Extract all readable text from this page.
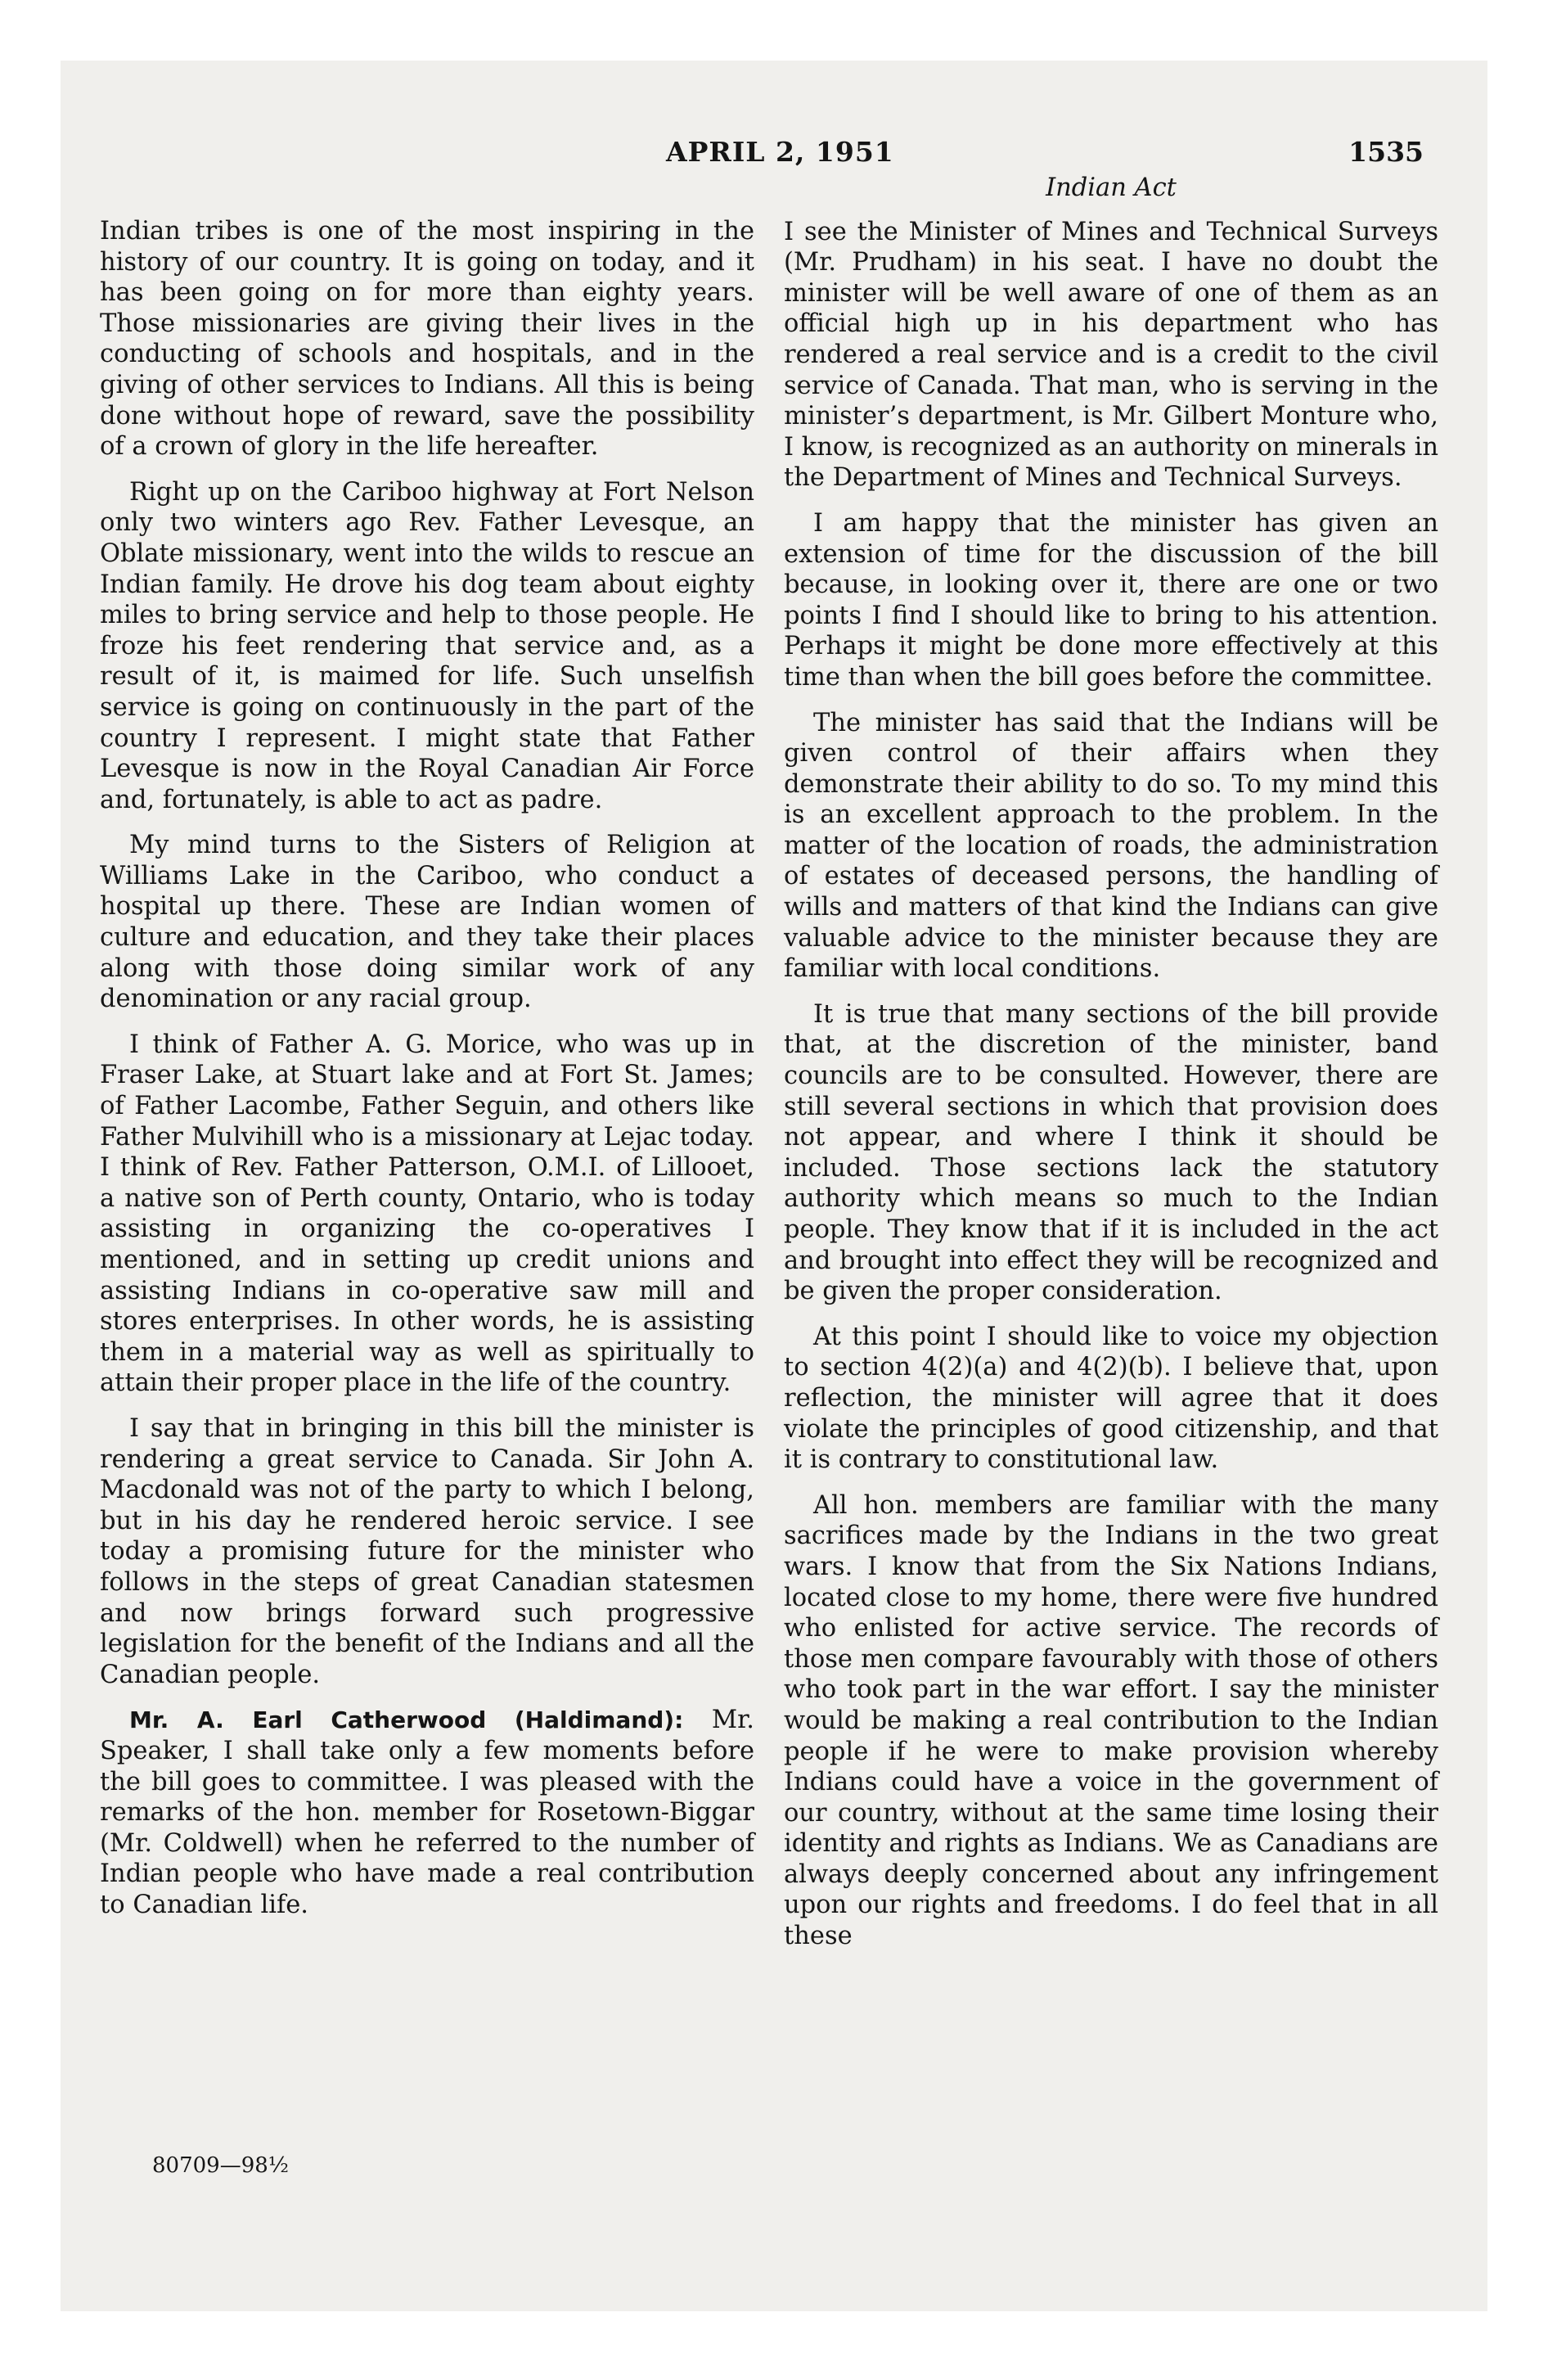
APRIL 2, 1951	1535

Indian tribes is one of the most inspiring in the history of our country. It is going on today, and it has been going on for more than eighty years. Those missionaries are giving their lives in the conducting of schools and hospitals, and in the giving of other services to Indians. All this is being done without hope of reward, save the possibility of a crown of glory in the life hereafter.

Right up on the Cariboo highway at Fort Nelson only two winters ago Rev. Father Levesque, an Oblate missionary, went into the wilds to rescue an Indian family. He drove his dog team about eighty miles to bring service and help to those people. He froze his feet rendering that service and, as a result of it, is maimed for life. Such unselfish service is going on continuously in the part of the country I represent. I might state that Father Levesque is now in the Royal Canadian Air Force and, fortunately, is able to act as padre.

My mind turns to the Sisters of Religion at Williams Lake in the Cariboo, who conduct a hospital up there. These are Indian women of culture and education, and they take their places along with those doing similar work of any denomination or any racial group.

I think of Father A. G. Morice, who was up in Fraser Lake, at Stuart lake and at Fort St. James; of Father Lacombe, Father Seguin, and others like Father Mulvihill who is a missionary at Lejac today. I think of Rev. Father Patterson, O.M.I. of Lillooet, a native son of Perth county, Ontario, who is today assisting in organizing the co-operatives I mentioned, and in setting up credit unions and assisting Indians in co-operative saw mill and stores enterprises. In other words, he is assisting them in a material way as well as spiritually to attain their proper place in the life of the country.

I say that in bringing in this bill the minister is rendering a great service to Canada. Sir John A. Macdonald was not of the party to which I belong, but in his day he rendered heroic service. I see today a promising future for the minister who follows in the steps of great Canadian statesmen and now brings forward such progressive legislation for the benefit of the Indians and all the Canadian people.

Mr. A. Earl Catherwood (Haldimand): Mr. Speaker, I shall take only a few moments before the bill goes to committee. I was pleased with the remarks of the hon. member for Rosetown-Biggar (Mr. Coldwell) when he referred to the number of Indian people who have made a real contribution to Canadian life.

Indian Act

I see the Minister of Mines and Technical Surveys (Mr. Prudham) in his seat. I have no doubt the minister will be well aware of one of them as an official high up in his department who has rendered a real service and is a credit to the civil service of Canada. That man, who is serving in the minister’s department, is Mr. Gilbert Monture who, I know, is recognized as an authority on minerals in the Department of Mines and Technical Surveys.

I am happy that the minister has given an extension of time for the discussion of the bill because, in looking over it, there are one or two points I find I should like to bring to his attention. Perhaps it might be done more effectively at this time than when the bill goes before the committee.

The minister has said that the Indians will be given control of their affairs when they demonstrate their ability to do so. To my mind this is an excellent approach to the problem. In the matter of the location of roads, the administration of estates of deceased persons, the handling of wills and matters of that kind the Indians can give valuable advice to the minister because they are familiar with local conditions.

It is true that many sections of the bill provide that, at the discretion of the minister, band councils are to be consulted. However, there are still several sections in which that provision does not appear, and where I think it should be included. Those sections lack the statutory authority which means so much to the Indian people. They know that if it is included in the act and brought into effect they will be recognized and be given the proper consideration.

At this point I should like to voice my objection to section 4(2)(a) and 4(2)(b). I believe that, upon reflection, the minister will agree that it does violate the principles of good citizenship, and that it is contrary to constitutional law.

All hon. members are familiar with the many sacrifices made by the Indians in the two great wars. I know that from the Six Nations Indians, located close to my home, there were five hundred who enlisted for active service. The records of those men compare favourably with those of others who took part in the war effort. I say the minister would be making a real contribution to the Indian people if he were to make provision whereby Indians could have a voice in the government of our country, without at the same time losing their identity and rights as Indians. We as Canadians are always deeply concerned about any infringement upon our rights and freedoms. I do feel that in all these

80709—98½
